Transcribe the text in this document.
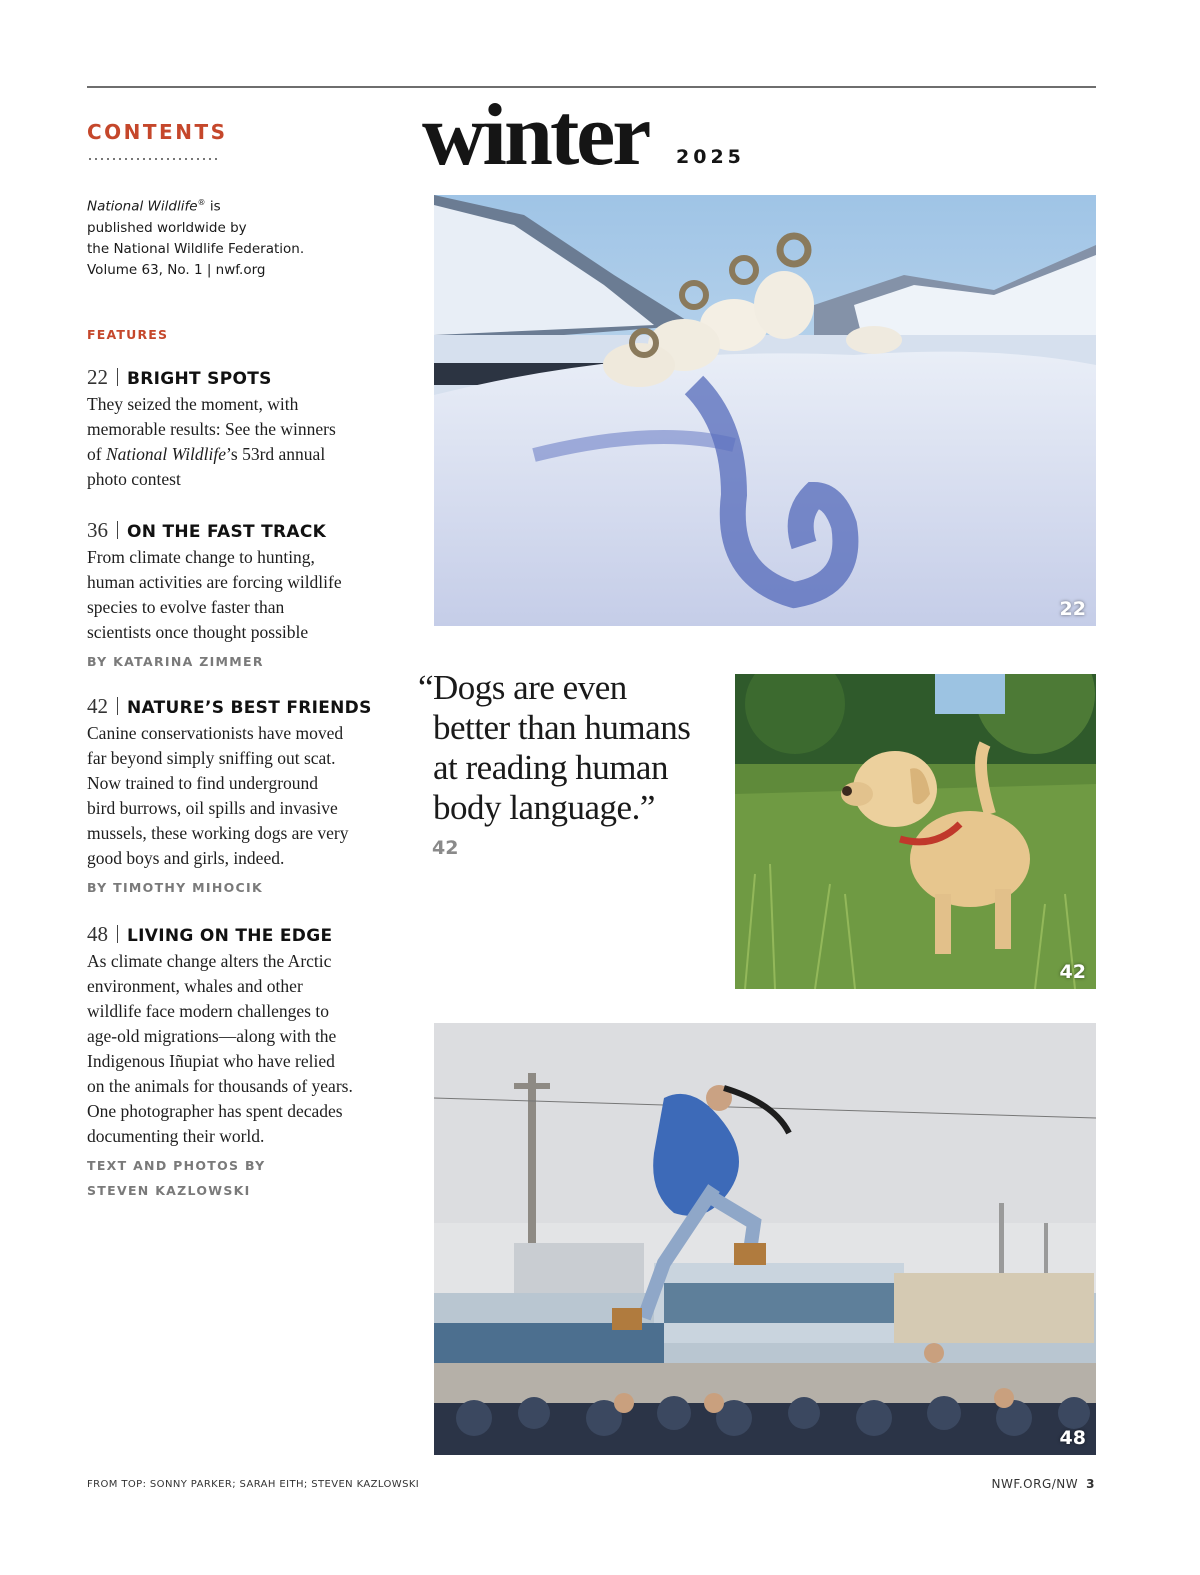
CONTENTS
National Wildlife® is
published worldwide by
the National Wildlife Federation.
Volume 63, No. 1 | nwf.org
FEATURES
22 BRIGHT SPOTS
They seized the moment, with
memorable results: See the winners
of National Wildlife’s 53rd annual
photo contest
36 ON THE FAST TRACK
From climate change to hunting,
human activities are forcing wildlife
species to evolve faster than
scientists once thought possible
BY KATARINA ZIMMER
42 NATURE’S BEST FRIENDS
Canine conservationists have moved
far beyond simply sniffing out scat.
Now trained to find underground
bird burrows, oil spills and invasive
mussels, these working dogs are very
good boys and girls, indeed.
BY TIMOTHY MIHOCIK
48 LIVING ON THE EDGE
As climate change alters the Arctic
environment, whales and other
wildlife face modern challenges to
age-old migrations—along with the
Indigenous Iñupiat who have relied
on the animals for thousands of years.
One photographer has spent decades
documenting their world.
TEXT AND PHOTOS BY
STEVEN KAZLOWSKI
winter 2025
22
“Dogs are even
better than humans
at reading human
body language.”
42
42
48
FROM TOP: SONNY PARKER; SARAH EITH; STEVEN KAZLOWSKI	NWF.ORG/NW 3
